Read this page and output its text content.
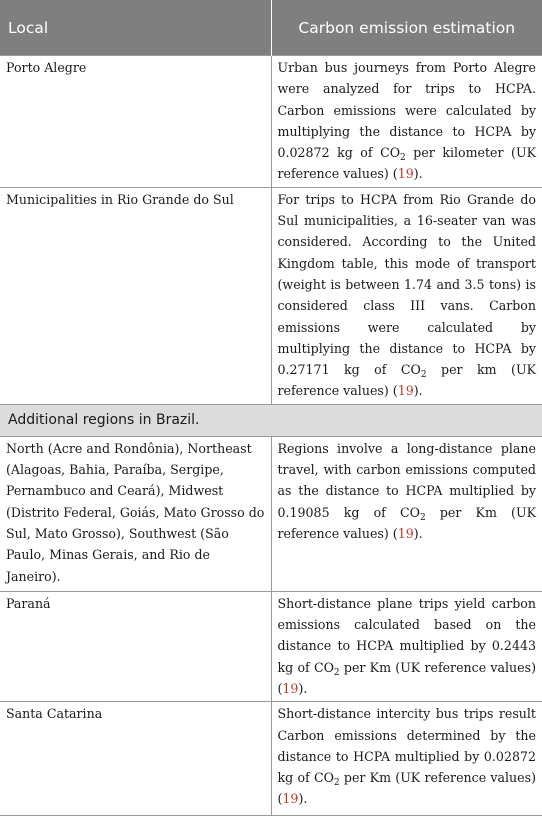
Local	Carbon emission estimation
Porto Alegre	Urban bus journeys from Porto Alegre were analyzed for trips to HCPA. Carbon emissions were calculated by multiplying the distance to HCPA by 0.02872 kg of $CO_2$ per kilometer (UK reference values) (19).
Municipalities in Rio Grande do Sul	For trips to HCPA from Rio Grande do Sul municipalities, a 16-seater van was considered. According to the United Kingdom table, this mode of transport (weight is between 1.74 and 3.5 tons) is considered class III vans. Carbon emissions were calculated by multiplying the distance to HCPA by 0.27171 kg of $CO_2$ per km (UK reference values) (19).
Additional regions in Brazil.	
North (Acre and Rondônia), Northeast (Alagoas, Bahia, Paraíba, Sergipe, Pernambuco and Ceará), Midwest (Distrito Federal, Goiás, Mato Grosso do Sul, Mato Grosso), Southwest (São Paulo, Minas Gerais, and Rio de Janeiro).	Regions involve a long-distance plane travel, with carbon emissions computed as the distance to HCPA multiplied by 0.19085 kg of $CO_2$ per Km (UK reference values) (19).
Paraná	Short-distance plane trips yield carbon emissions calculated based on the distance to HCPA multiplied by 0.2443 kg of $CO_2$ per Km (UK reference values) (19).
Santa Catarina	Short-distance intercity bus trips result Carbon emissions determined by the distance to HCPA multiplied by 0.02872 kg of $CO_2$ per Km (UK reference values) (19).
